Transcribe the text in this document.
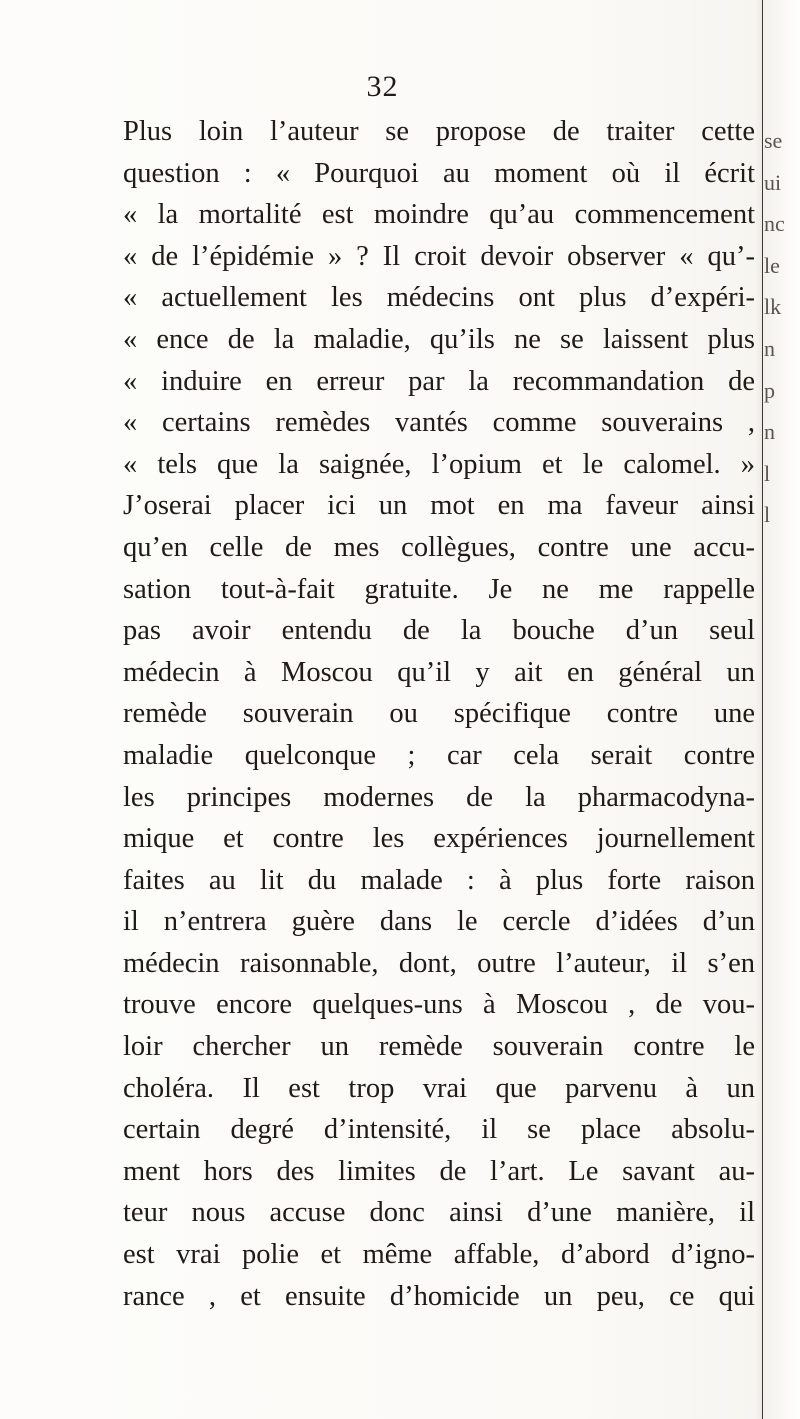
32
Plus loin l’auteur se propose de traiter cette
question : « Pourquoi au moment où il écrit
« la mortalité est moindre qu’au commencement
« de l’épidémie » ? Il croit devoir observer « qu’-
« actuellement les médecins ont plus d’expéri-
« ence de la maladie, qu’ils ne se laissent plus
« induire en erreur par la recommandation de
« certains remèdes vantés comme souverains ,
« tels que la saignée, l’opium et le calomel. »
J’oserai placer ici un mot en ma faveur ainsi
qu’en celle de mes collègues, contre une accu-
sation tout-à-fait gratuite. Je ne me rappelle
pas avoir entendu de la bouche d’un seul
médecin à Moscou qu’il y ait en général un
remède souverain ou spécifique contre une
maladie quelconque ; car cela serait contre
les principes modernes de la pharmacodyna-
mique et contre les expériences journellement
faites au lit du malade : à plus forte raison
il n’entrera guère dans le cercle d’idées d’un
médecin raisonnable, dont, outre l’auteur, il s’en
trouve encore quelques-uns à Moscou , de vou-
loir chercher un remède souverain contre le
choléra. Il est trop vrai que parvenu à un
certain degré d’intensité, il se place absolu-
ment hors des limites de l’art. Le savant au-
teur nous accuse donc ainsi d’une manière, il
est vrai polie et même affable, d’abord d’igno-
rance , et ensuite d’homicide un peu, ce qui
se
ui
nc
le
lk
n
p
n
l
l
